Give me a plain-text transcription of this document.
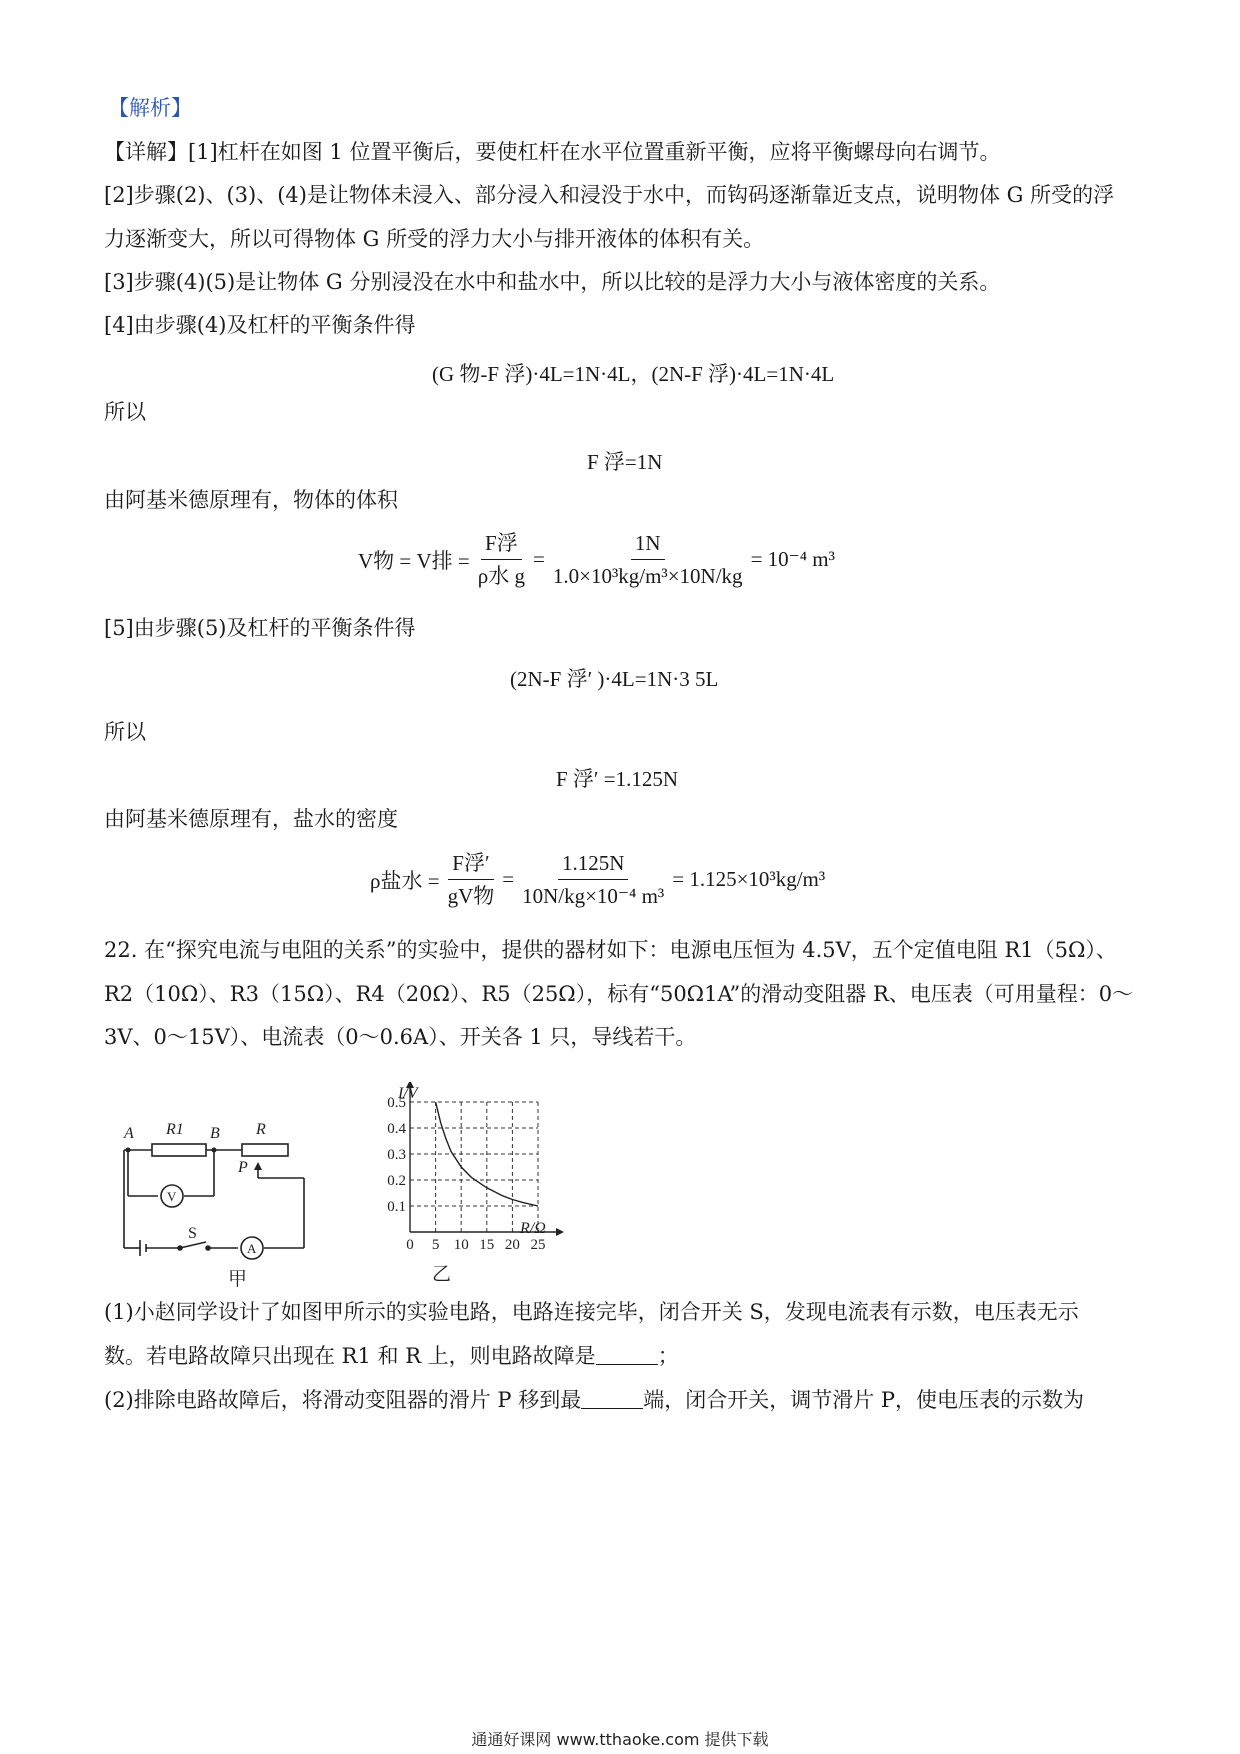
【解析】
【详解】[1]杠杆在如图 1 位置平衡后，要使杠杆在水平位置重新平衡，应将平衡螺母向右调节。
[2]步骤(2)、(3)、(4)是让物体未浸入、部分浸入和浸没于水中，而钩码逐渐靠近支点，说明物体 G 所受的浮
力逐渐变大，所以可得物体 G 所受的浮力大小与排开液体的体积有关。
[3]步骤(4)(5)是让物体 G 分别浸没在水中和盐水中，所以比较的是浮力大小与液体密度的关系。
[4]由步骤(4)及杠杆的平衡条件得
(G 物-F 浮)·4L=1N·4L，(2N-F 浮)·4L=1N·4L
所以
F 浮=1N
由阿基米德原理有，物体的体积
V物 = V排 = $\frac{\text{F浮}}{\text{ρ水 g}} = \frac{1N}{\text{1.0×10³kg/m³×10N/kg}} = 10^{-4}$ m³
[5]由步骤(5)及杠杆的平衡条件得
(2N-F 浮′ )·4L=1N·3 5L
所以
F 浮′ =1.125N
由阿基米德原理有，盐水的密度
ρ盐水 = $\frac{\text{F浮′}}{\text{gV物}} = \frac{1.125N}{\text{10N/kg×10⁻⁴ m³}} = 1.125\times 10^3kg/m^3$
22. 在“探究电流与电阻的关系”的实验中，提供的器材如下：电源电压恒为 4.5V，五个定值电阻 R1（5Ω）、
R2（10Ω）、R3（15Ω）、R4（20Ω）、R5（25Ω），标有“50Ω1A”的滑动变阻器 R、电压表（可用量程：0～
3V、0～15V）、电流表（0～0.6A）、开关各 1 只，导线若干。
A	B
R1	R
P
S
V
A
甲
0 5 10 15 20 25
0.1
0.2
0.3
0.4
0.5
I/V
R/Ω
乙
(1)小赵同学设计了如图甲所示的实验电路，电路连接完毕，闭合开关 S，发现电流表有示数，电压表无示
数。若电路故障只出现在 R1 和 R 上，则电路故障是	；
(2)排除电路故障后，将滑动变阻器的滑片 P 移到最	端，闭合开关，调节滑片 P，使电压表的示数为
通通好课网 www.tthaoke.com 提供下载
